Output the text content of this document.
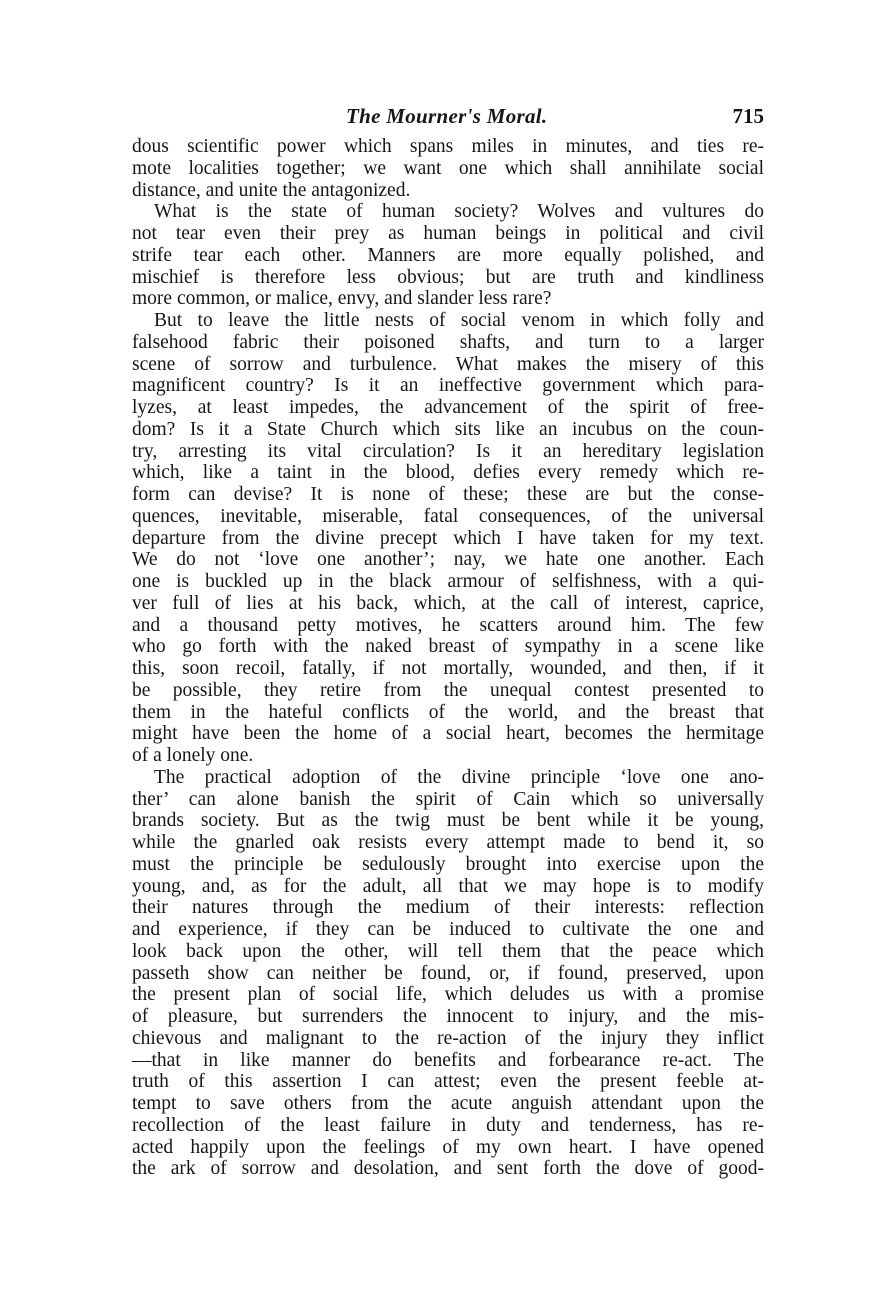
The Mourner's Moral.	715
dous scientific power which spans miles in minutes, and ties re-
mote localities together; we want one which shall annihilate social
distance, and unite the antagonized.
What is the state of human society? Wolves and vultures do
not tear even their prey as human beings in political and civil
strife tear each other. Manners are more equally polished, and
mischief is therefore less obvious; but are truth and kindliness
more common, or malice, envy, and slander less rare?
But to leave the little nests of social venom in which folly and
falsehood fabric their poisoned shafts, and turn to a larger
scene of sorrow and turbulence. What makes the misery of this
magnificent country? Is it an ineffective government which para-
lyzes, at least impedes, the advancement of the spirit of free-
dom? Is it a State Church which sits like an incubus on the coun-
try, arresting its vital circulation? Is it an hereditary legislation
which, like a taint in the blood, defies every remedy which re-
form can devise? It is none of these; these are but the conse-
quences, inevitable, miserable, fatal consequences, of the universal
departure from the divine precept which I have taken for my text.
We do not ‘love one another’; nay, we hate one another. Each
one is buckled up in the black armour of selfishness, with a qui-
ver full of lies at his back, which, at the call of interest, caprice,
and a thousand petty motives, he scatters around him. The few
who go forth with the naked breast of sympathy in a scene like
this, soon recoil, fatally, if not mortally, wounded, and then, if it
be possible, they retire from the unequal contest presented to
them in the hateful conflicts of the world, and the breast that
might have been the home of a social heart, becomes the hermitage
of a lonely one.
The practical adoption of the divine principle ‘love one ano-
ther’ can alone banish the spirit of Cain which so universally
brands society. But as the twig must be bent while it be young,
while the gnarled oak resists every attempt made to bend it, so
must the principle be sedulously brought into exercise upon the
young, and, as for the adult, all that we may hope is to modify
their natures through the medium of their interests: reflection
and experience, if they can be induced to cultivate the one and
look back upon the other, will tell them that the peace which
passeth show can neither be found, or, if found, preserved, upon
the present plan of social life, which deludes us with a promise
of pleasure, but surrenders the innocent to injury, and the mis-
chievous and malignant to the re-action of the injury they inflict
—that in like manner do benefits and forbearance re-act. The
truth of this assertion I can attest; even the present feeble at-
tempt to save others from the acute anguish attendant upon the
recollection of the least failure in duty and tenderness, has re-
acted happily upon the feelings of my own heart. I have opened
the ark of sorrow and desolation, and sent forth the dove of good-
